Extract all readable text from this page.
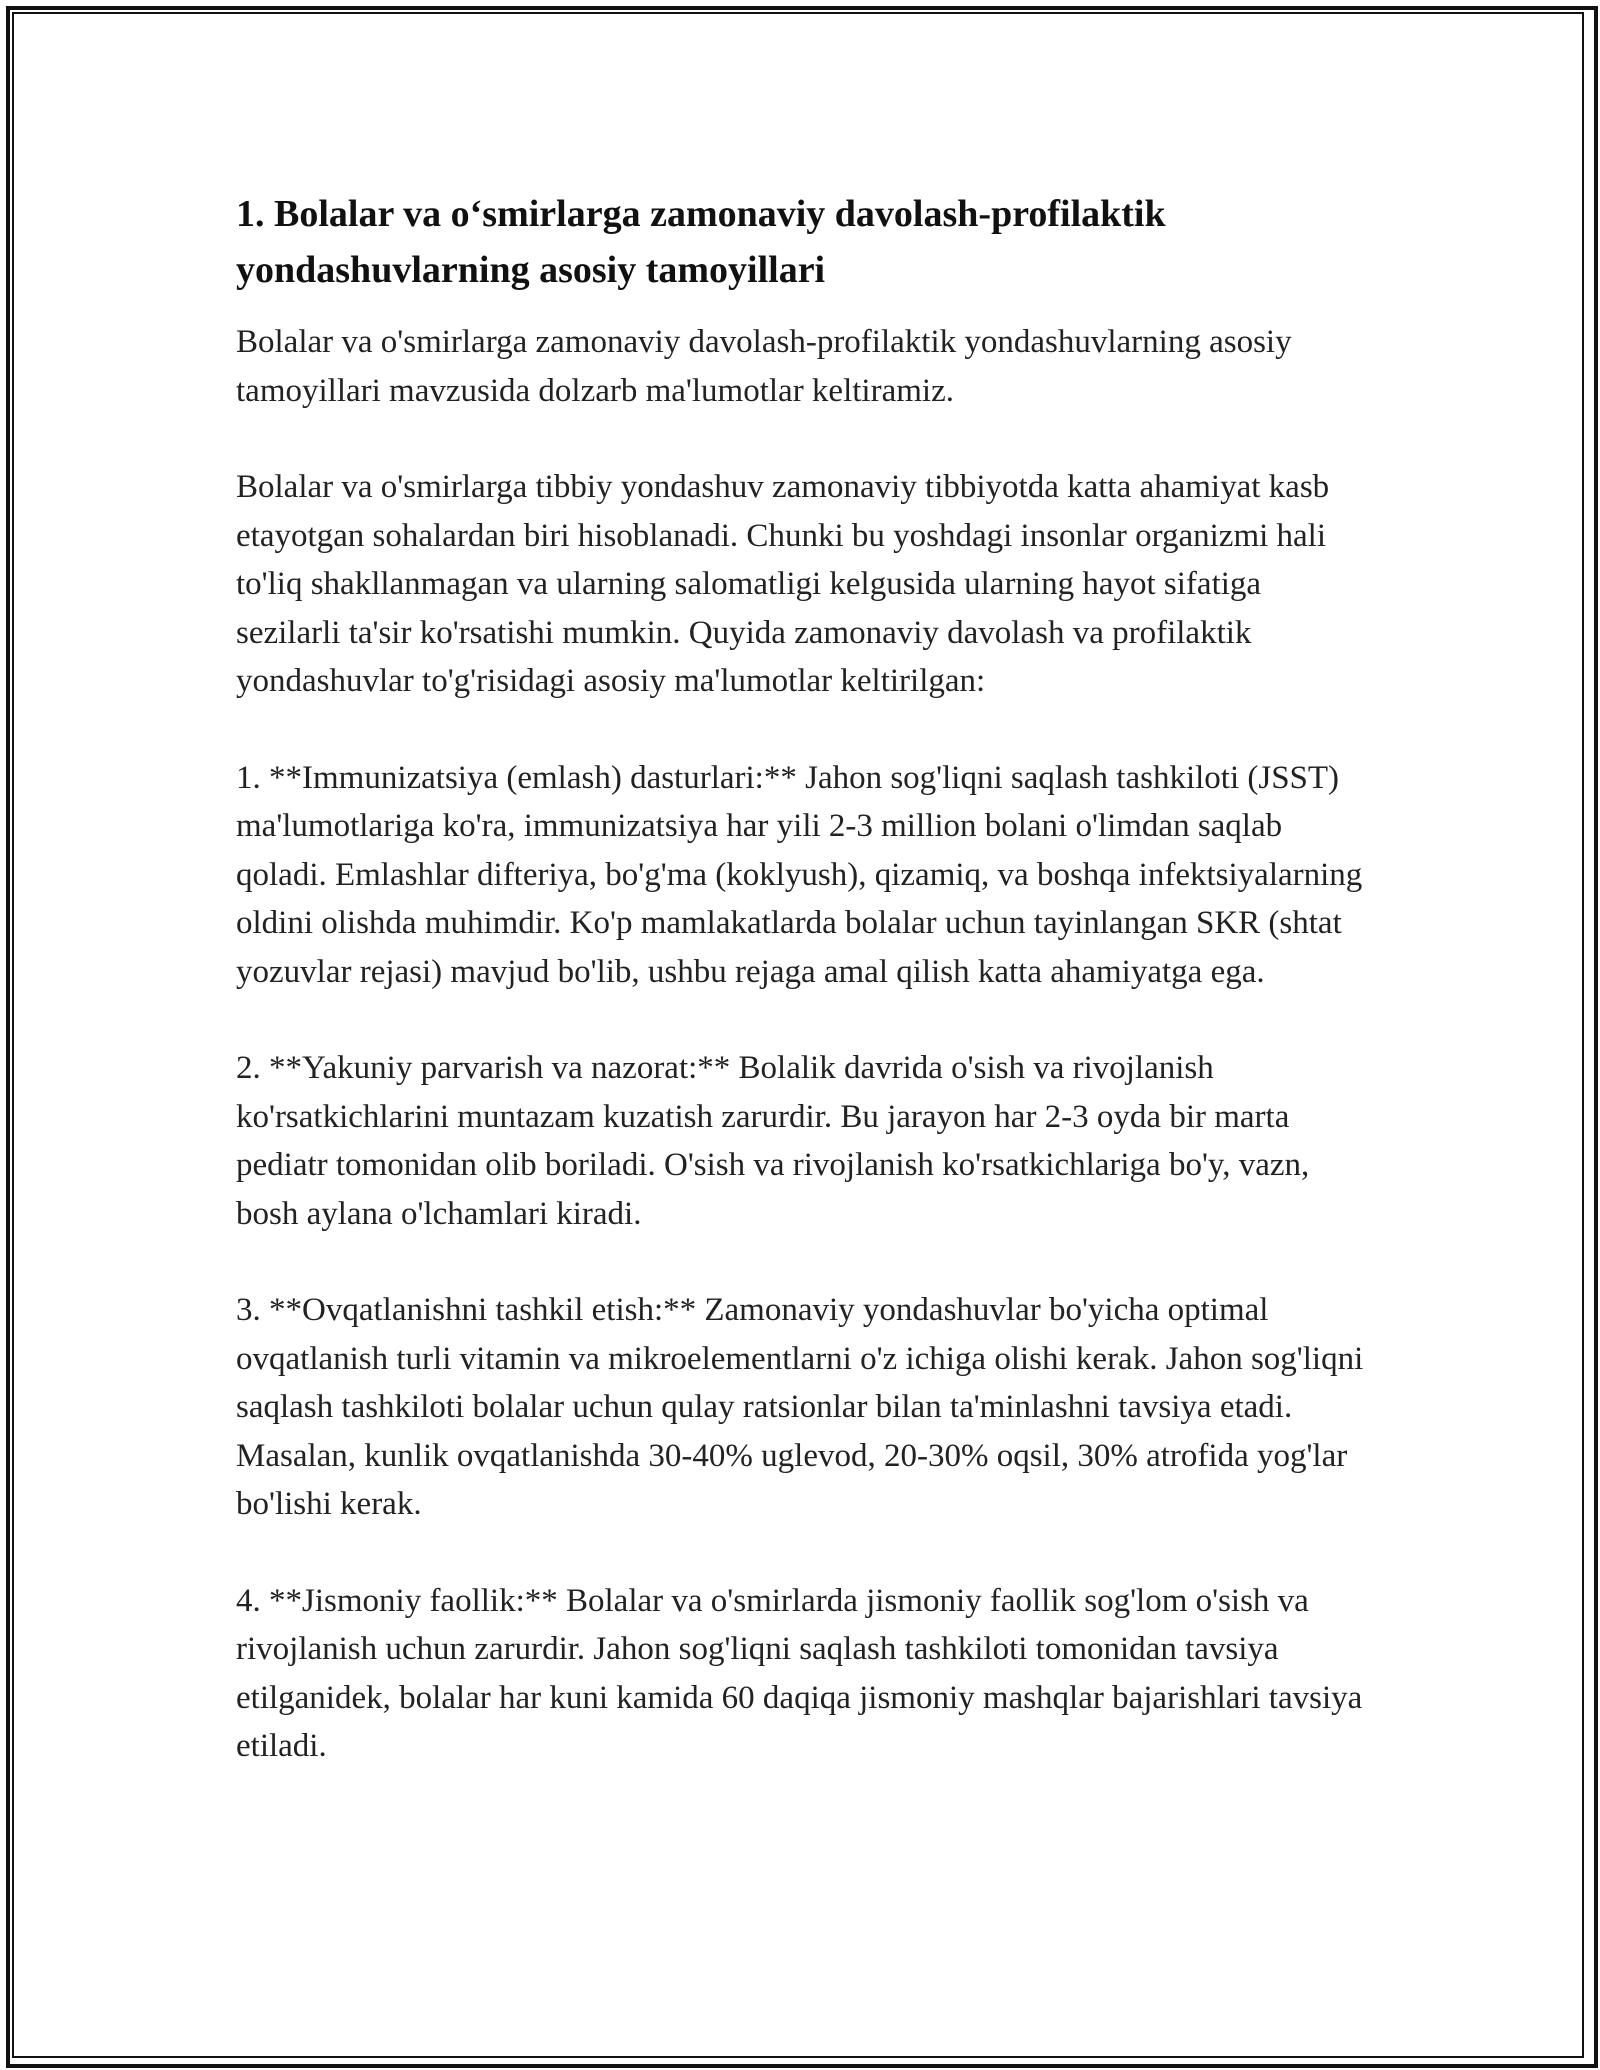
1. Bolalar va o‘smirlarga zamonaviy davolash-profilaktik yondashuvlarning asosiy tamoyillari

Bolalar va o'smirlarga zamonaviy davolash-profilaktik yondashuvlarning asosiy tamoyillari mavzusida dolzarb ma'lumotlar keltiramiz.

Bolalar va o'smirlarga tibbiy yondashuv zamonaviy tibbiyotda katta ahamiyat kasb etayotgan sohalardan biri hisoblanadi. Chunki bu yoshdagi insonlar organizmi hali to'liq shakllanmagan va ularning salomatligi kelgusida ularning hayot sifatiga sezilarli ta'sir ko'rsatishi mumkin. Quyida zamonaviy davolash va profilaktik yondashuvlar to'g'risidagi asosiy ma'lumotlar keltirilgan:

1. **Immunizatsiya (emlash) dasturlari:** Jahon sog'liqni saqlash tashkiloti (JSST) ma'lumotlariga ko'ra, immunizatsiya har yili 2-3 million bolani o'limdan saqlab qoladi. Emlashlar difteriya, bo'g'ma (koklyush), qizamiq, va boshqa infektsiyalarning oldini olishda muhimdir. Ko'p mamlakatlarda bolalar uchun tayinlangan SKR (shtat yozuvlar rejasi) mavjud bo'lib, ushbu rejaga amal qilish katta ahamiyatga ega.

2. **Yakuniy parvarish va nazorat:** Bolalik davrida o'sish va rivojlanish ko'rsatkichlarini muntazam kuzatish zarurdir. Bu jarayon har 2-3 oyda bir marta pediatr tomonidan olib boriladi. O'sish va rivojlanish ko'rsatkichlariga bo'y, vazn, bosh aylana o'lchamlari kiradi.

3. **Ovqatlanishni tashkil etish:** Zamonaviy yondashuvlar bo'yicha optimal ovqatlanish turli vitamin va mikroelementlarni o'z ichiga olishi kerak. Jahon sog'liqni saqlash tashkiloti bolalar uchun qulay ratsionlar bilan ta'minlashni tavsiya etadi. Masalan, kunlik ovqatlanishda 30-40% uglevod, 20-30% oqsil, 30% atrofida yog'lar bo'lishi kerak.

4. **Jismoniy faollik:** Bolalar va o'smirlarda jismoniy faollik sog'lom o'sish va rivojlanish uchun zarurdir. Jahon sog'liqni saqlash tashkiloti tomonidan tavsiya etilganidek, bolalar har kuni kamida 60 daqiqa jismoniy mashqlar bajarishlari tavsiya etiladi.
